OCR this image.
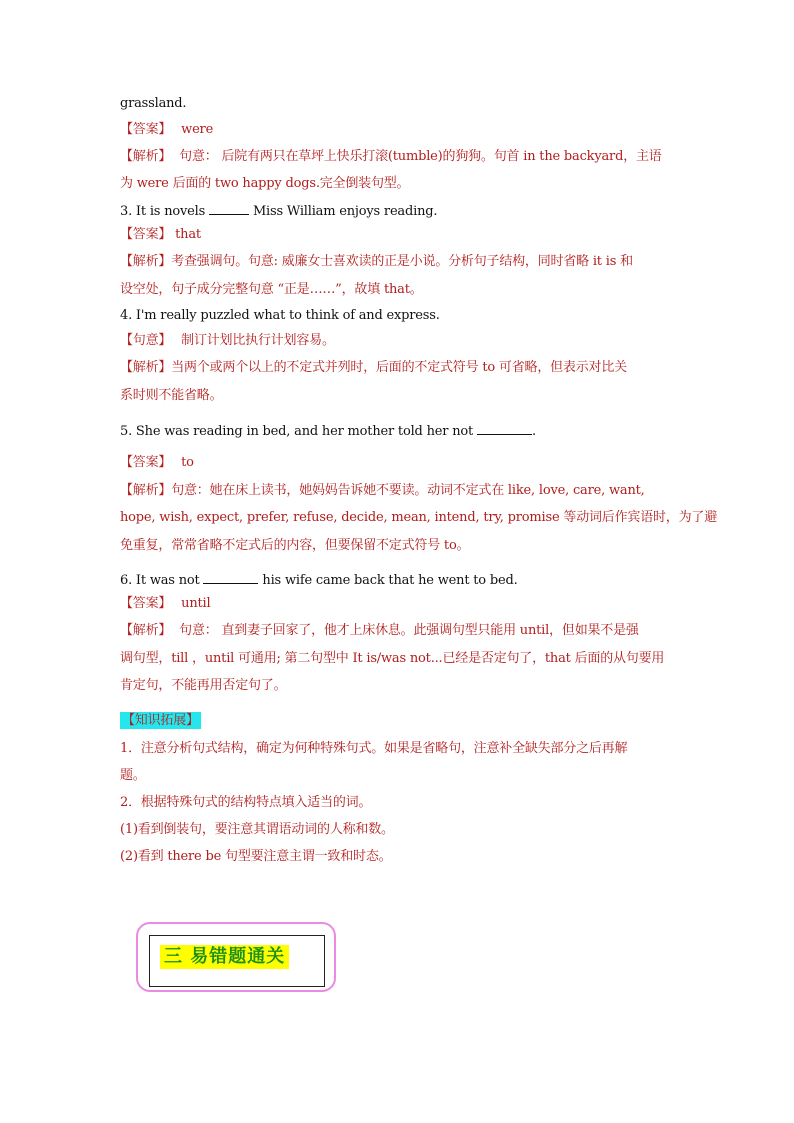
grassland.
【答案】 were
【解析】 句意： 后院有两只在草坪上快乐打滚(tumble)的狗狗。句首 in the backyard，主语
为 were 后面的 two happy dogs.完全倒装句型。
3. It is novels	Miss William enjoys reading.
【答案】 that
【解析】考查强调句。句意: 威廉女士喜欢读的正是小说。分析句子结构，同时省略 it is 和
设空处，句子成分完整句意 “正是……”，故填 that。
4. I'm really puzzled what to think of and express.
【句意】 制订计划比执行计划容易。
【解析】当两个或两个以上的不定式并列时，后面的不定式符号 to 可省略，但表示对比关
系时则不能省略。
5. She was reading in bed, and her mother told her not	.
【答案】 to
【解析】句意：她在床上读书，她妈妈告诉她不要读。动词不定式在 like, love, care, want,
hope, wish, expect, prefer, refuse, decide, mean, intend, try, promise 等动词后作宾语时，为了避
免重复，常常省略不定式后的内容，但要保留不定式符号 to。
6. It was not	his wife came back that he went to bed.
【答案】 until
【解析】 句意： 直到妻子回家了，他才上床休息。此强调句型只能用 until，但如果不是强
调句型，till ，until 可通用; 第二句型中 It is/was not...已经是否定句了，that 后面的从句要用
肯定句，不能再用否定句了。
【知识拓展】
1．注意分析句式结构，确定为何种特殊句式。如果是省略句，注意补全缺失部分之后再解
题。
2．根据特殊句式的结构特点填入适当的词。
(1)看到倒装句，要注意其谓语动词的人称和数。
(2)看到 there be 句型要注意主谓一致和时态。
三 易错题通关
